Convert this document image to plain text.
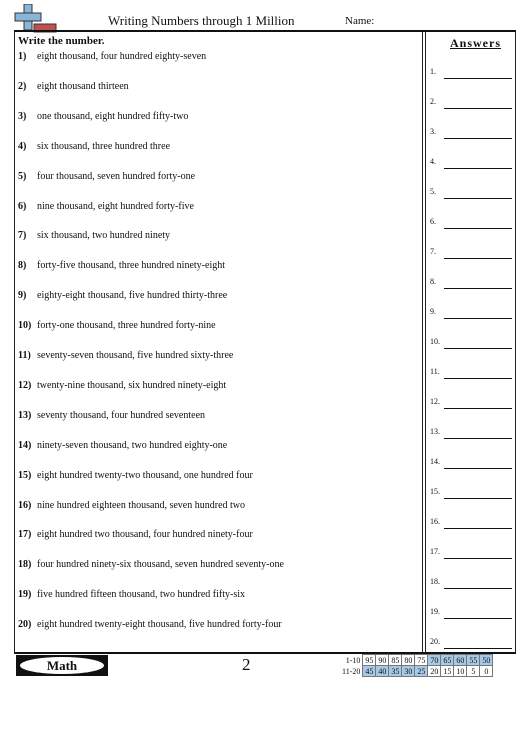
Writing Numbers through 1 Million	Name:
Write the number.
1) eight thousand, four hundred eighty-seven
2) eight thousand thirteen
3) one thousand, eight hundred fifty-two
4) six thousand, three hundred three
5) four thousand, seven hundred forty-one
6) nine thousand, eight hundred forty-five
7) six thousand, two hundred ninety
8) forty-five thousand, three hundred ninety-eight
9) eighty-eight thousand, five hundred thirty-three
10) forty-one thousand, three hundred forty-nine
11) seventy-seven thousand, five hundred sixty-three
12) twenty-nine thousand, six hundred ninety-eight
13) seventy thousand, four hundred seventeen
14) ninety-seven thousand, two hundred eighty-one
15) eight hundred twenty-two thousand, one hundred four
16) nine hundred eighteen thousand, seven hundred two
17) eight hundred two thousand, four hundred ninety-four
18) four hundred ninety-six thousand, seven hundred seventy-one
19) five hundred fifteen thousand, two hundred fifty-six
20) eight hundred twenty-eight thousand, five hundred forty-four
Answers
1.
2.
3.
4.
5.
6.
7.
8.
9.
10.
11.
12.
13.
14.
15.
16.
17.
18.
19.
20.
Math	2	1-10	95	90	85	80	75	70	65	60	55	50
11-20	45	40	35	30	25	20	15	10	5	0
